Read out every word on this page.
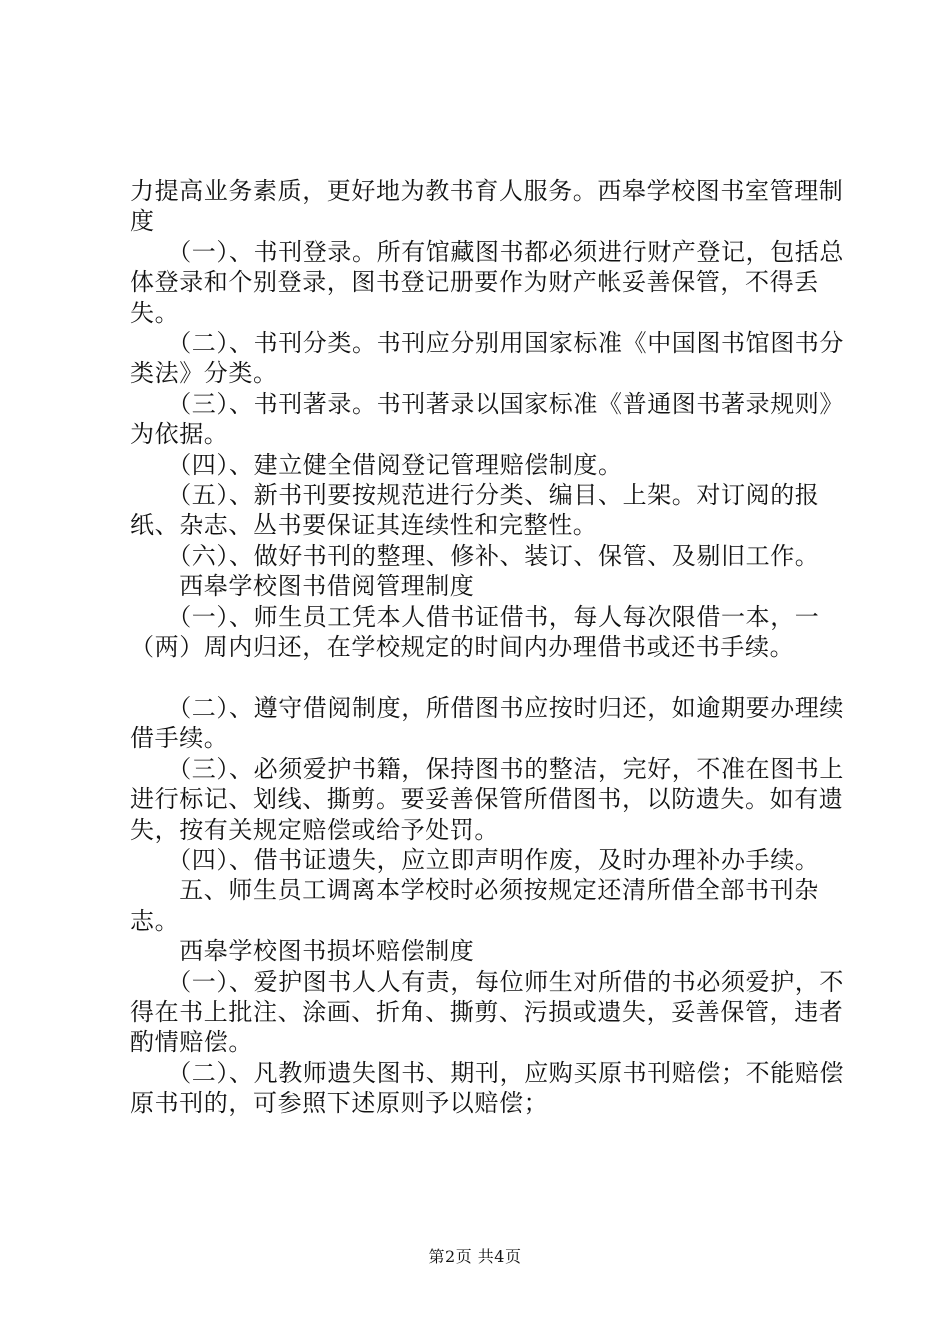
力提高业务素质，更好地为教书育人服务。西皋学校图书室管理制度

　　（一）、书刊登录。所有馆藏图书都必须进行财产登记，包括总体登录和个别登录，图书登记册要作为财产帐妥善保管，不得丢失。

　　（二）、书刊分类。书刊应分别用国家标准《中国图书馆图书分类法》分类。

　　（三）、书刊著录。书刊著录以国家标准《普通图书著录规则》为依据。

　　（四）、建立健全借阅登记管理赔偿制度。

　　（五）、新书刊要按规范进行分类、编目、上架。对订阅的报纸、杂志、丛书要保证其连续性和完整性。

　　（六）、做好书刊的整理、修补、装订、保管、及剔旧工作。

　　西皋学校图书借阅管理制度

　　（一）、师生员工凭本人借书证借书，每人每次限借一本，一（两）周内归还，在学校规定的时间内办理借书或还书手续。

　　（二）、遵守借阅制度，所借图书应按时归还，如逾期要办理续借手续。

　　（三）、必须爱护书籍，保持图书的整洁，完好，不准在图书上进行标记、划线、撕剪。要妥善保管所借图书，以防遗失。如有遗失，按有关规定赔偿或给予处罚。

　　（四）、借书证遗失，应立即声明作废，及时办理补办手续。

　　五、师生员工调离本学校时必须按规定还清所借全部书刊杂志。

　　西皋学校图书损坏赔偿制度

　　（一）、爱护图书人人有责，每位师生对所借的书必须爱护，不得在书上批注、涂画、折角、撕剪、污损或遗失，妥善保管，违者酌情赔偿。

　　（二）、凡教师遗失图书、期刊，应购买原书刊赔偿；不能赔偿原书刊的，可参照下述原则予以赔偿；

第2页 共4页
